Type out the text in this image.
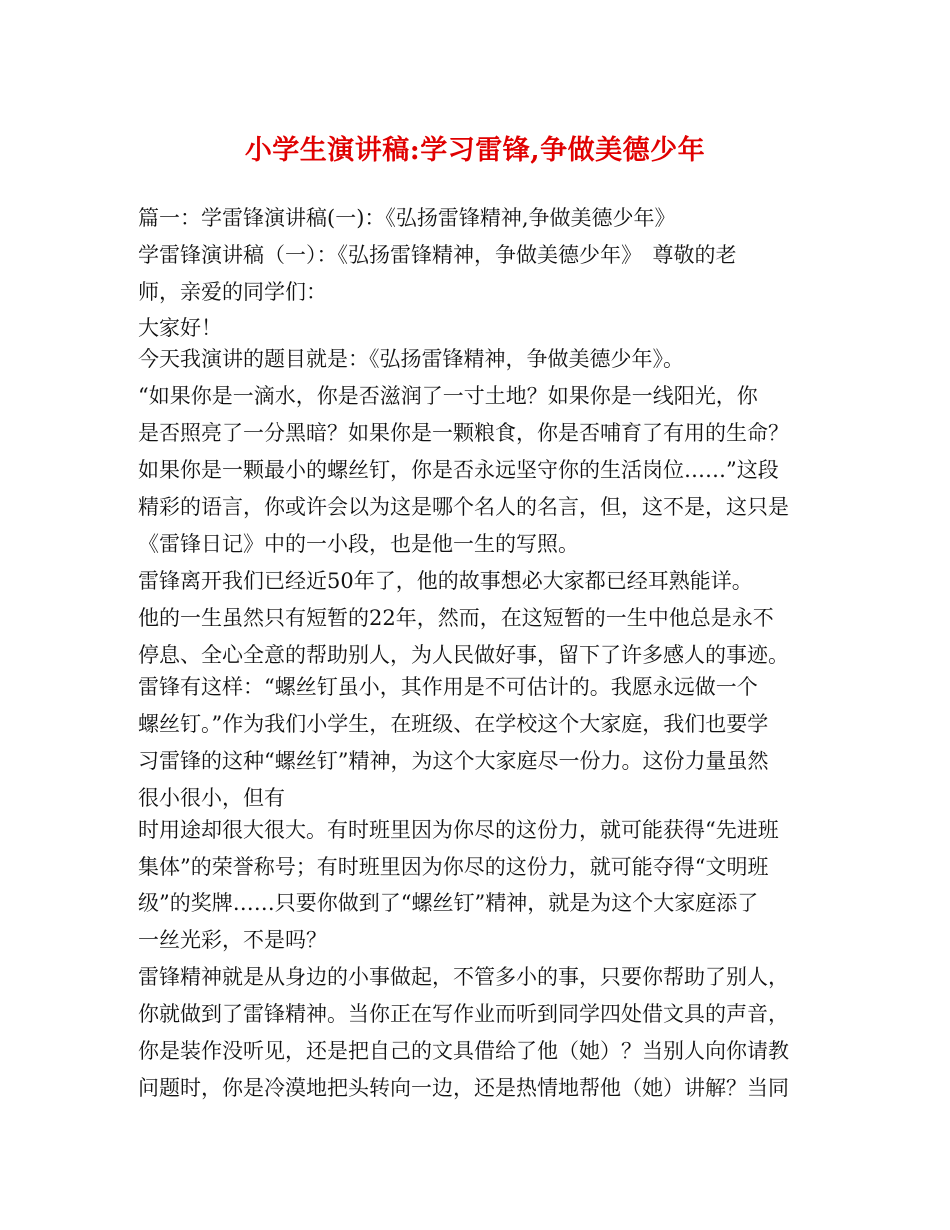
小学生演讲稿:学习雷锋,争做美德少年
篇一：学雷锋演讲稿(一)：《弘扬雷锋精神,争做美德少年》
学雷锋演讲稿（一）：《弘扬雷锋精神，争做美德少年》　尊敬的老
师，亲爱的同学们：
大家好！
今天我演讲的题目就是：《弘扬雷锋精神，争做美德少年》。
“如果你是一滴水，你是否滋润了一寸土地？如果你是一线阳光，你
是否照亮了一分黑暗？如果你是一颗粮食，你是否哺育了有用的生命？
如果你是一颗最小的螺丝钉，你是否永远坚守你的生活岗位……”这段
精彩的语言，你或许会以为这是哪个名人的名言，但，这不是，这只是
《雷锋日记》中的一小段，也是他一生的写照。
雷锋离开我们已经近50年了，他的故事想必大家都已经耳熟能详。
他的一生虽然只有短暂的22年，然而，在这短暂的一生中他总是永不
停息、全心全意的帮助别人，为人民做好事，留下了许多感人的事迹。
雷锋有这样：“螺丝钉虽小，其作用是不可估计的。我愿永远做一个
螺丝钉。”作为我们小学生，在班级、在学校这个大家庭，我们也要学
习雷锋的这种“螺丝钉”精神，为这个大家庭尽一份力。这份力量虽然
很小很小，但有
时用途却很大很大。有时班里因为你尽的这份力，就可能获得“先进班
集体”的荣誉称号；有时班里因为你尽的这份力，就可能夺得“文明班
级”的奖牌……只要你做到了“螺丝钉”精神，就是为这个大家庭添了
一丝光彩，不是吗？
雷锋精神就是从身边的小事做起，不管多小的事，只要你帮助了别人，
你就做到了雷锋精神。当你正在写作业而听到同学四处借文具的声音，
你是装作没听见，还是把自己的文具借给了他（她）？当别人向你请教
问题时，你是冷漠地把头转向一边，还是热情地帮他（她）讲解？当同
